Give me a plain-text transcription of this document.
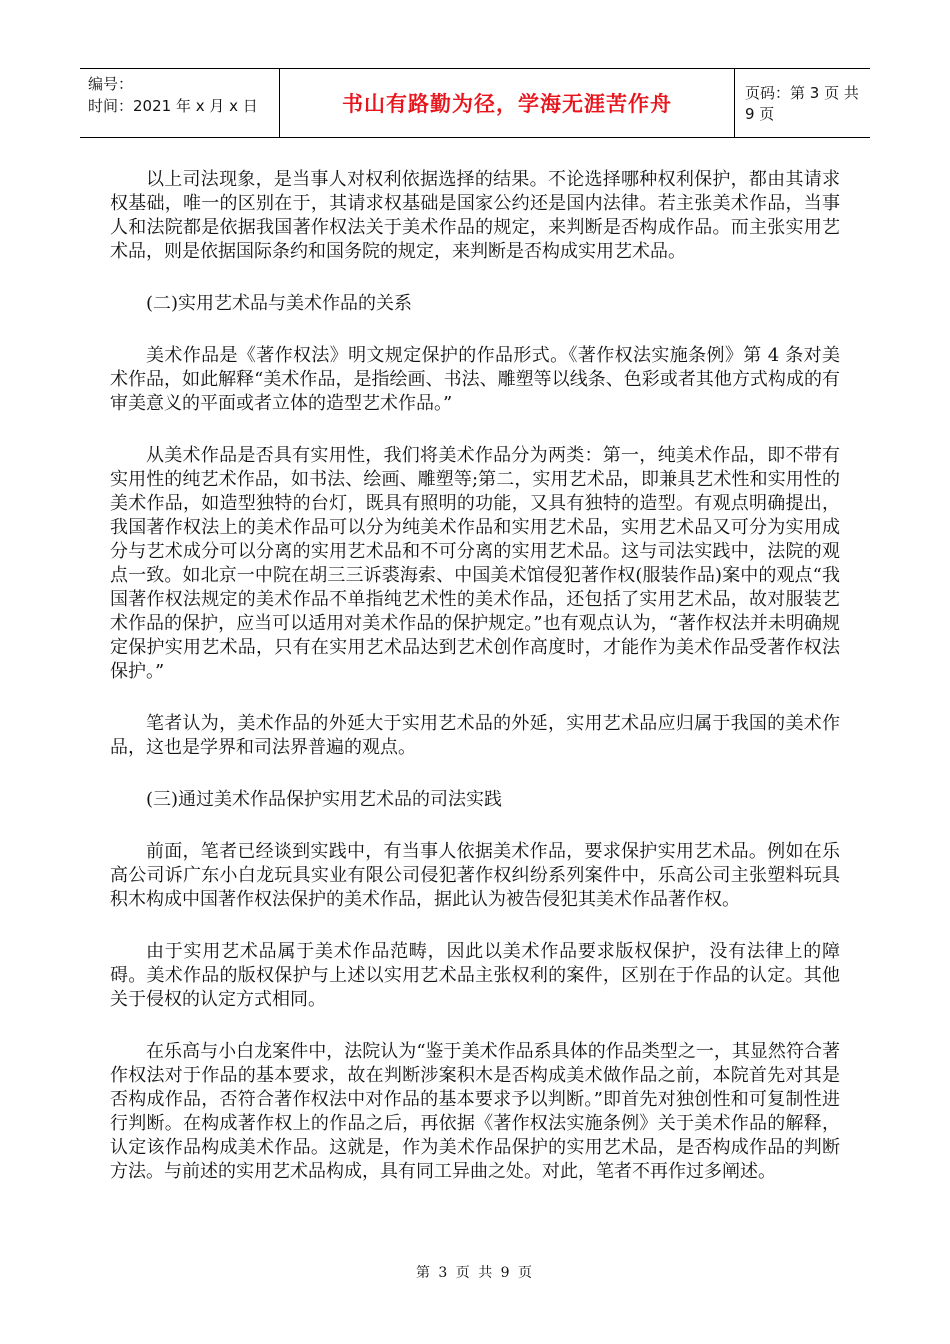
编号：
时间：2021 年 x 月 x 日	书山有路勤为径，学海无涯苦作舟	页码：第 3 页 共 9 页

以上司法现象，是当事人对权利依据选择的结果。不论选择哪种权利保护，都由其请求权基础，唯一的区别在于，其请求权基础是国家公约还是国内法律。若主张美术作品，当事人和法院都是依据我国著作权法关于美术作品的规定，来判断是否构成作品。而主张实用艺术品，则是依据国际条约和国务院的规定，来判断是否构成实用艺术品。

(二)实用艺术品与美术作品的关系

美术作品是《著作权法》明文规定保护的作品形式。《著作权法实施条例》第 4 条对美术作品，如此解释“美术作品，是指绘画、书法、雕塑等以线条、色彩或者其他方式构成的有审美意义的平面或者立体的造型艺术作品。”

从美术作品是否具有实用性，我们将美术作品分为两类：第一，纯美术作品，即不带有实用性的纯艺术作品，如书法、绘画、雕塑等;第二，实用艺术品，即兼具艺术性和实用性的美术作品，如造型独特的台灯，既具有照明的功能，又具有独特的造型。有观点明确提出，我国著作权法上的美术作品可以分为纯美术作品和实用艺术品，实用艺术品又可分为实用成分与艺术成分可以分离的实用艺术品和不可分离的实用艺术品。这与司法实践中，法院的观点一致。如北京一中院在胡三三诉裘海索、中国美术馆侵犯著作权(服装作品)案中的观点“我国著作权法规定的美术作品不单指纯艺术性的美术作品，还包括了实用艺术品，故对服装艺术作品的保护，应当可以适用对美术作品的保护规定。”也有观点认为，“著作权法并未明确规定保护实用艺术品，只有在实用艺术品达到艺术创作高度时，才能作为美术作品受著作权法保护。”

笔者认为，美术作品的外延大于实用艺术品的外延，实用艺术品应归属于我国的美术作品，这也是学界和司法界普遍的观点。

(三)通过美术作品保护实用艺术品的司法实践

前面，笔者已经谈到实践中，有当事人依据美术作品，要求保护实用艺术品。例如在乐高公司诉广东小白龙玩具实业有限公司侵犯著作权纠纷系列案件中，乐高公司主张塑料玩具积木构成中国著作权法保护的美术作品，据此认为被告侵犯其美术作品著作权。

由于实用艺术品属于美术作品范畴，因此以美术作品要求版权保护，没有法律上的障碍。美术作品的版权保护与上述以实用艺术品主张权利的案件，区别在于作品的认定。其他关于侵权的认定方式相同。

在乐高与小白龙案件中，法院认为“鉴于美术作品系具体的作品类型之一，其显然符合著作权法对于作品的基本要求，故在判断涉案积木是否构成美术做作品之前，本院首先对其是否构成作品，否符合著作权法中对作品的基本要求予以判断。”即首先对独创性和可复制性进行判断。在构成著作权上的作品之后，再依据《著作权法实施条例》关于美术作品的解释，认定该作品构成美术作品。这就是，作为美术作品保护的实用艺术品，是否构成作品的判断方法。与前述的实用艺术品构成，具有同工异曲之处。对此，笔者不再作过多阐述。

第 3 页 共 9 页
